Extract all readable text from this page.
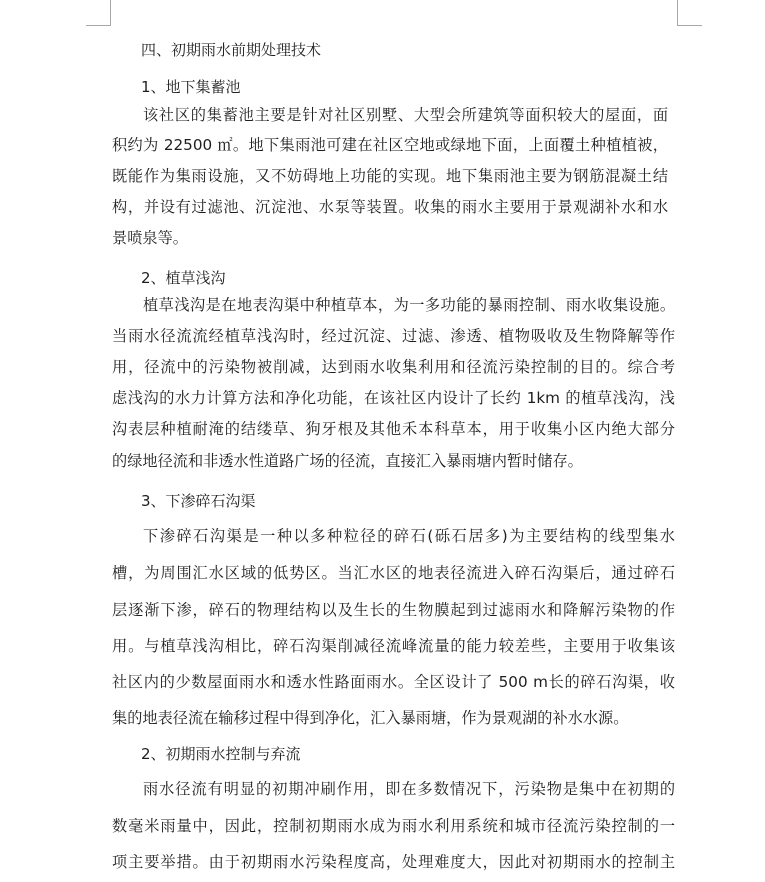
四、初期雨水前期处理技术
1、地下集蓄池
该社区的集蓄池主要是针对社区别墅、大型会所建筑等面积较大的屋面，面
积约为 22500 ㎡。地下集雨池可建在社区空地或绿地下面，上面覆土种植植被，
既能作为集雨设施，又不妨碍地上功能的实现。地下集雨池主要为钢筋混凝土结
构，并设有过滤池、沉淀池、水泵等装置。收集的雨水主要用于景观湖补水和水
景喷泉等。
2、植草浅沟
植草浅沟是在地表沟渠中种植草本，为一多功能的暴雨控制、雨水收集设施。
当雨水径流流经植草浅沟时，经过沉淀、过滤、渗透、植物吸收及生物降解等作
用，径流中的污染物被削减，达到雨水收集利用和径流污染控制的目的。综合考
虑浅沟的水力计算方法和净化功能，在该社区内设计了长约 1km 的植草浅沟，浅
沟表层种植耐淹的结缕草、狗牙根及其他禾本科草本，用于收集小区内绝大部分
的绿地径流和非透水性道路广场的径流，直接汇入暴雨塘内暂时储存。
3、下渗碎石沟渠
下渗碎石沟渠是一种以多种粒径的碎石(砾石居多)为主要结构的线型集水
槽，为周围汇水区域的低势区。当汇水区的地表径流进入碎石沟渠后，通过碎石
层逐渐下渗，碎石的物理结构以及生长的生物膜起到过滤雨水和降解污染物的作
用。与植草浅沟相比，碎石沟渠削减径流峰流量的能力较差些，主要用于收集该
社区内的少数屋面雨水和透水性路面雨水。全区设计了 500 m长的碎石沟渠，收
集的地表径流在输移过程中得到净化，汇入暴雨塘，作为景观湖的补水水源。
2、初期雨水控制与弃流
雨水径流有明显的初期冲刷作用，即在多数情况下，污染物是集中在初期的
数毫米雨量中，因此，控制初期雨水成为雨水利用系统和城市径流污染控制的一
项主要举措。由于初期雨水污染程度高，处理难度大，因此对初期雨水的控制主
